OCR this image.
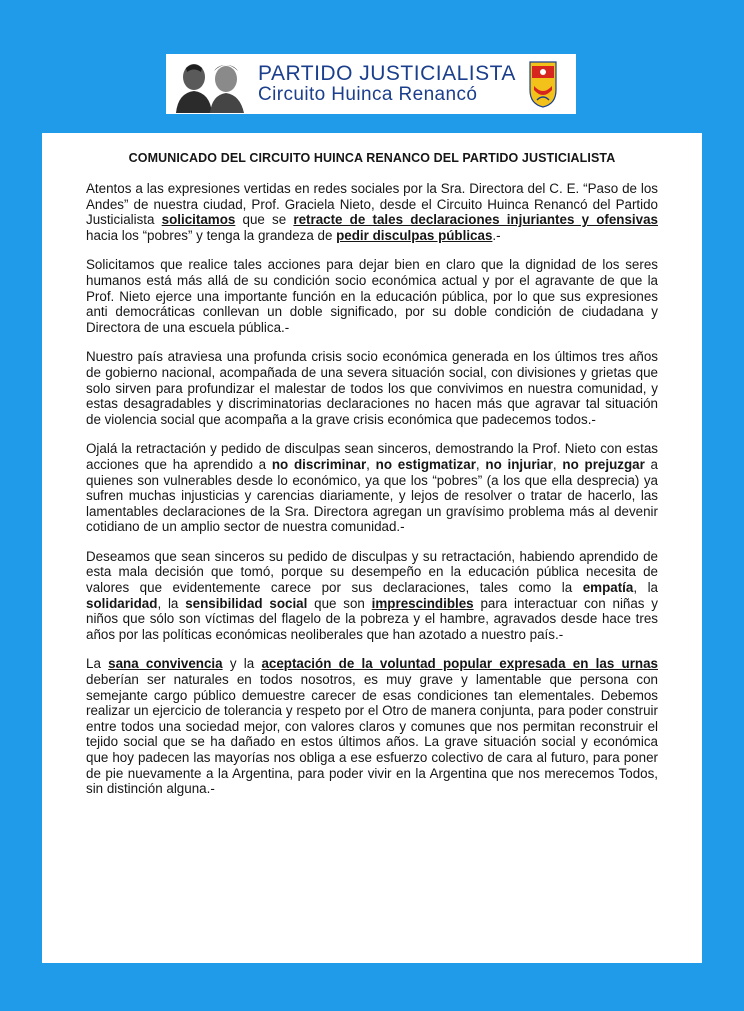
PARTIDO JUSTICIALISTA
Circuito Huinca Renancó
COMUNICADO DEL CIRCUITO HUINCA RENANCO DEL PARTIDO JUSTICIALISTA

Atentos a las expresiones vertidas en redes sociales por la Sra. Directora del C. E. “Paso de los Andes” de nuestra ciudad, Prof. Graciela Nieto, desde el Circuito Huinca Renancó del Partido Justicialista solicitamos que se retracte de tales declaraciones injuriantes y ofensivas hacia los “pobres” y tenga la grandeza de pedir disculpas públicas.-

Solicitamos que realice tales acciones para dejar bien en claro que la dignidad de los seres humanos está más allá de su condición socio económica actual y por el agravante de que la Prof. Nieto ejerce una importante función en la educación pública, por lo que sus expresiones anti democráticas conllevan un doble significado, por su doble condición de ciudadana y Directora de una escuela pública.-

Nuestro país atraviesa una profunda crisis socio económica generada en los últimos tres años de gobierno nacional, acompañada de una severa situación social, con divisiones y grietas que solo sirven para profundizar el malestar de todos los que convivimos en nuestra comunidad, y estas desagradables y discriminatorias declaraciones no hacen más que agravar tal situación de violencia social que acompaña a la grave crisis económica que padecemos todos.-

Ojalá la retractación y pedido de disculpas sean sinceros, demostrando la Prof. Nieto con estas acciones que ha aprendido a no discriminar, no estigmatizar, no injuriar, no prejuzgar a quienes son vulnerables desde lo económico, ya que los “pobres” (a los que ella desprecia) ya sufren muchas injusticias y carencias diariamente, y lejos de resolver o tratar de hacerlo, las lamentables declaraciones de la Sra. Directora agregan un gravísimo problema más al devenir cotidiano de un amplio sector de nuestra comunidad.-

Deseamos que sean sinceros su pedido de disculpas y su retractación, habiendo aprendido de esta mala decisión que tomó, porque su desempeño en la educación pública necesita de valores que evidentemente carece por sus declaraciones, tales como la empatía, la solidaridad, la sensibilidad social que son imprescindibles para interactuar con niñas y niños que sólo son víctimas del flagelo de la pobreza y el hambre, agravados desde hace tres años por las políticas económicas neoliberales que han azotado a nuestro país.-

La sana convivencia y la aceptación de la voluntad popular expresada en las urnas deberían ser naturales en todos nosotros, es muy grave y lamentable que persona con semejante cargo público demuestre carecer de esas condiciones tan elementales. Debemos realizar un ejercicio de tolerancia y respeto por el Otro de manera conjunta, para poder construir entre todos una sociedad mejor, con valores claros y comunes que nos permitan reconstruir el tejido social que se ha dañado en estos últimos años. La grave situación social y económica que hoy padecen las mayorías nos obliga a ese esfuerzo colectivo de cara al futuro, para poner de pie nuevamente a la Argentina, para poder vivir en la Argentina que nos merecemos Todos, sin distinción alguna.-
